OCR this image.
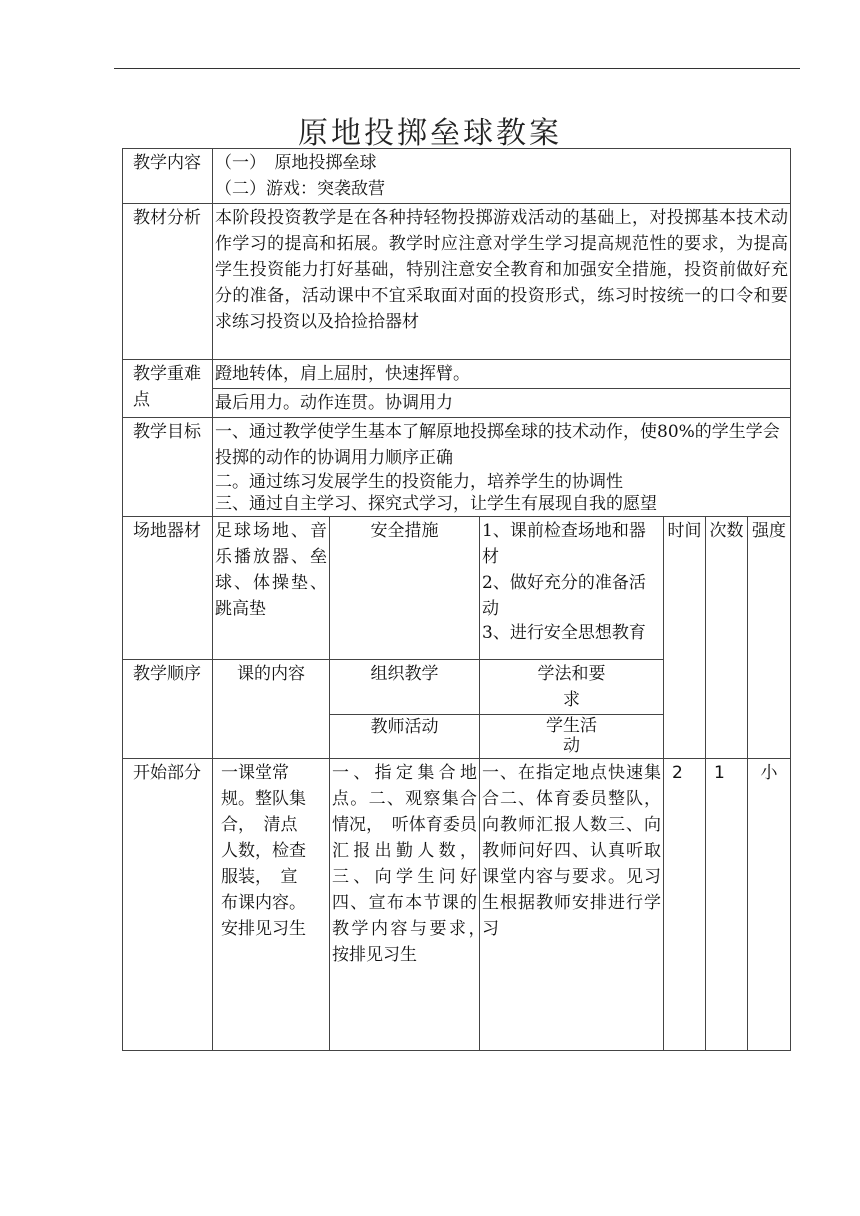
原地投掷垒球教案
教学内容	（一）　原地投掷垒球
（二）游戏：突袭敌营					

教材分析	本阶段投资教学是在各种持轻物投掷游戏活动的基础上，对投掷基本技术动作学习的提高和拓展。教学时应注意对学生学习提高规范性的要求，为提高学生投资能力打好基础，特别注意安全教育和加强安全措施，投资前做好充分的准备，活动课中不宜采取面对面的投资形式，练习时按统一的口令和要求练习投资以及拾捡拾器材					
教学重难点	蹬地转体，肩上屈肘，快速挥臂。					
	最后用力。动作连贯。协调用力					
教学目标	一、通过教学使学生基本了解原地投掷垒球的技术动作，使80%的学生学会投掷的动作的协调用力顺序正确
二。通过练习发展学生的投资能力，培养学生的协调性
三、通过自主学习、探究式学习，让学生有展现自我的愿望					

场地器材	足球场地、音乐播放器、垒球、体操垫、跳高垫	安全措施	1、课前检查场地和器材
2、做好充分的准备活动
3、进行安全思想教育	时间	次数	强度
教学顺序	课的内容	组织教学	学法和要求			
		教师活动	学生活动			
开始部分	一课堂常规。整队集合，　清点人数，检查服装，　宣布课内容。安排见习生	一、指定集合地点。二、观察集合情况，　听体育委员汇报出勤人数，三、向学生问好四、宣布本节课的教学内容与要求，　按排见习生	一、在指定地点快速集合二、体育委员整队，向教师汇报人数三、向教师问好四、认真听取课堂内容与要求。见习生根据教师安排进行学习	2	1	小
